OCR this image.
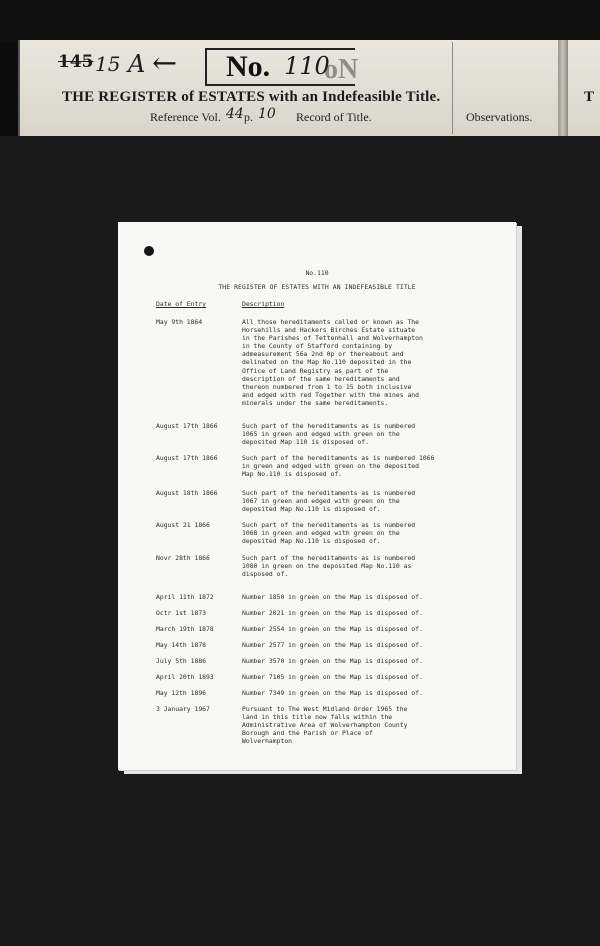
145 15 A ← No. 110
oN
THE REGISTER of ESTATES with an Indefeasible Title.
Reference Vol. 44 p. 10 Record of Title.	Observations.
T
No.110
THE REGISTER OF ESTATES WITH AN INDEFEASIBLE TITLE
Date of Entry	Description
May 9th 1864	All those hereditaments called or known as The
Horsehills and Hackers Birches Estate situate
in the Parishes of Tettenhall and Wolverhampton
in the County of Stafford containing by
admeasurement 56a 2nd 0p or thereabout and
delinated on the Map No.110 deposited in the
Office of Land Registry as part of the
description of the same hereditaments and
thereon numbered from 1 to 15 both inclusive
and edged with red Together with the mines and
minerals under the same hereditaments.
August 17th 1866	Such part of the hereditaments as is numbered
1065 in green and edged with green on the
deposited Map 110 is disposed of.
August 17th 1866	Such part of the hereditaments as is numbered 1066
in green and edged with green on the deposited
Map No.110 is disposed of.
August 18th 1866	Such part of the hereditaments as is numbered
1067 in green and edged with green on the
deposited Map No.110 is disposed of.
August 21 1866	Such part of the hereditaments as is numbered
1068 in green and edged with green on the
deposited Map No.110 is disposed of.
Novr 28th 1866	Such part of the hereditaments as is numbered
1080 in green on the deposited Map No.110 as
disposed of.
April 11th 1872	Number 1850 in green on the Map is disposed of.
Octr 1st 1873	Number 2021 in green on the Map is disposed of.
March 19th 1878	Number 2554 in green on the Map is disposed of.
May 14th 1878	Number 2577 in green on the Map is disposed of.
July 5th 1886	Number 3570 in green on the Map is disposed of.
April 20th 1893	Number 7105 in green on the Map is disposed of.
May 12th 1896	Number 7349 in green on the Map is disposed of.
3 January 1967	Pursuant to The West Midland Order 1965 the
land in this title now falls within the
Administrative Area of Wolverhampton County
Borough and the Parish or Place of
Wolverhampton
